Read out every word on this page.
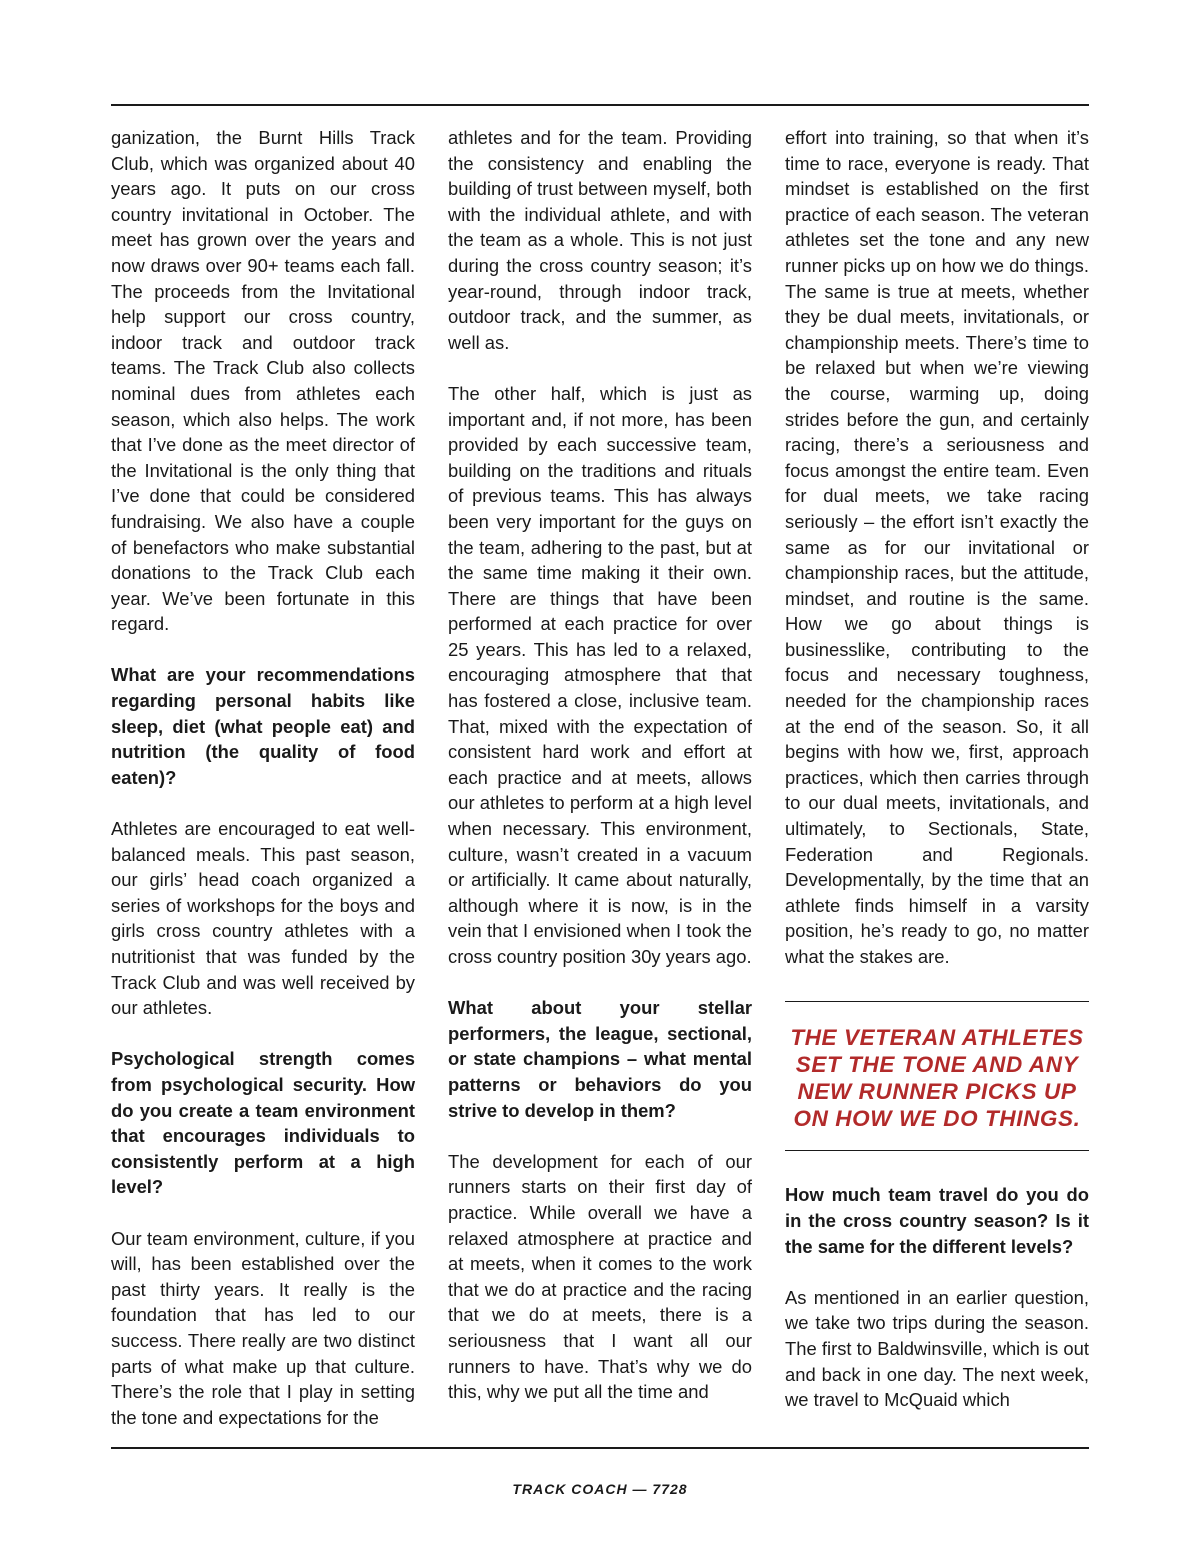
ganization, the Burnt Hills Track Club, which was organized about 40 years ago. It puts on our cross country invitational in October. The meet has grown over the years and now draws over 90+ teams each fall. The proceeds from the Invitational help support our cross country, indoor track and outdoor track teams. The Track Club also collects nominal dues from athletes each season, which also helps. The work that I’ve done as the meet director of the Invitational is the only thing that I’ve done that could be considered fundraising. We also have a couple of benefactors who make substantial donations to the Track Club each year. We’ve been fortunate in this regard.

What are your recommendations regarding personal habits like sleep, diet (what people eat) and nutrition (the quality of food eaten)?

Athletes are encouraged to eat well-balanced meals. This past season, our girls’ head coach organized a series of workshops for the boys and girls cross country athletes with a nutritionist that was funded by the Track Club and was well received by our athletes.

Psychological strength comes from psychological security. How do you create a team environment that encourages individuals to consistently perform at a high level?

Our team environment, culture, if you will, has been established over the past thirty years. It really is the foundation that has led to our success. There really are two distinct parts of what make up that culture. There’s the role that I play in setting the tone and expectations for the

athletes and for the team. Providing the consistency and enabling the building of trust between myself, both with the individual athlete, and with the team as a whole. This is not just during the cross country season; it’s year-round, through indoor track, outdoor track, and the summer, as well as.

The other half, which is just as important and, if not more, has been provided by each successive team, building on the traditions and rituals of previous teams. This has always been very important for the guys on the team, adhering to the past, but at the same time making it their own. There are things that have been performed at each practice for over 25 years. This has led to a relaxed, encouraging atmosphere that that has fostered a close, inclusive team. That, mixed with the expectation of consistent hard work and effort at each practice and at meets, allows our athletes to perform at a high level when necessary. This environment, culture, wasn’t created in a vacuum or artificially. It came about naturally, although where it is now, is in the vein that I envisioned when I took the cross country position 30y years ago.

What about your stellar performers, the league, sectional, or state champions – what mental patterns or behaviors do you strive to develop in them?

The development for each of our runners starts on their first day of practice. While overall we have a relaxed atmosphere at practice and at meets, when it comes to the work that we do at practice and the racing that we do at meets, there is a seriousness that I want all our runners to have. That’s why we do this, why we put all the time and

effort into training, so that when it’s time to race, everyone is ready. That mindset is established on the first practice of each season. The veteran athletes set the tone and any new runner picks up on how we do things. The same is true at meets, whether they be dual meets, invitationals, or championship meets. There’s time to be relaxed but when we’re viewing the course, warming up, doing strides before the gun, and certainly racing, there’s a seriousness and focus amongst the entire team. Even for dual meets, we take racing seriously – the effort isn’t exactly the same as for our invitational or championship races, but the attitude, mindset, and routine is the same. How we go about things is businesslike, contributing to the focus and necessary toughness, needed for the championship races at the end of the season. So, it all begins with how we, first, approach practices, which then carries through to our dual meets, invitationals, and ultimately, to Sectionals, State, Federation and Regionals. Developmentally, by the time that an athlete finds himself in a varsity position, he’s ready to go, no matter what the stakes are.

THE VETERAN ATHLETES SET THE TONE AND ANY NEW RUNNER PICKS UP ON HOW WE DO THINGS.

How much team travel do you do in the cross country season? Is it the same for the different levels?

As mentioned in an earlier question, we take two trips during the season. The first to Baldwinsville, which is out and back in one day. The next week, we travel to McQuaid which

TRACK COACH — 7728
